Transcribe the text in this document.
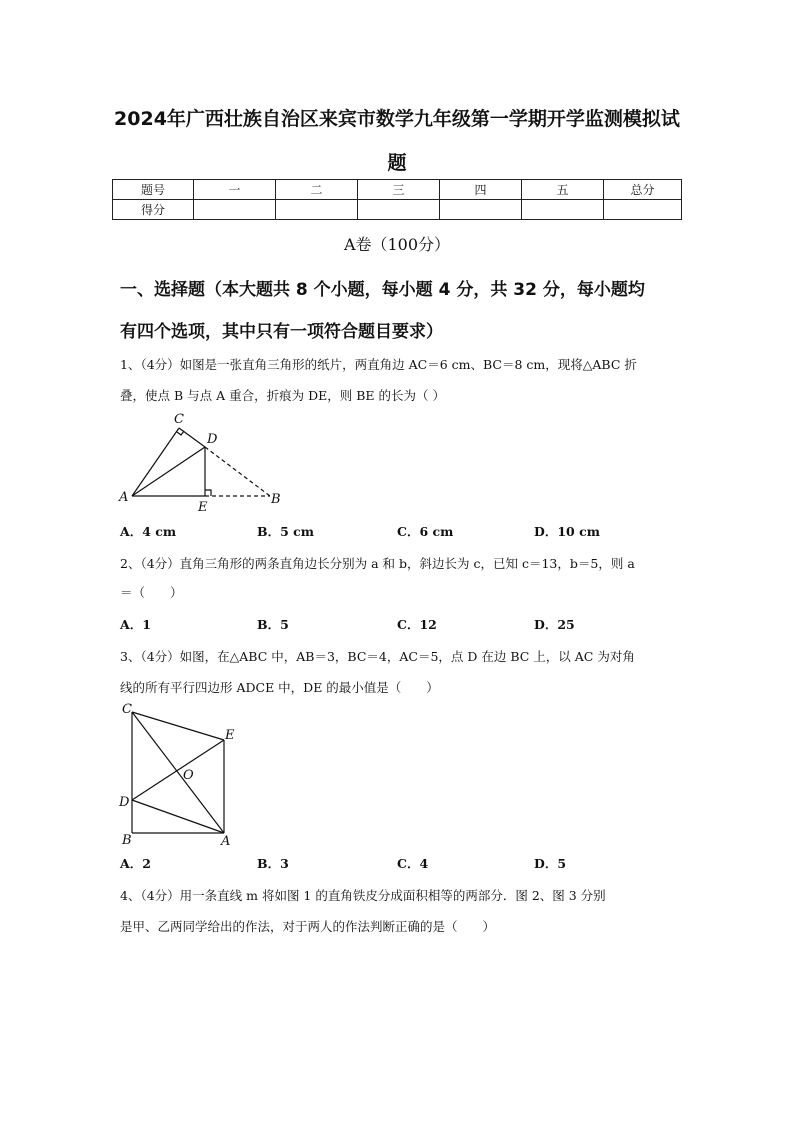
2024年广西壮族自治区来宾市数学九年级第一学期开学监测模拟试
题
题号	一	二	三	四	五	总分
得分						
A卷（100分）
一、选择题（本大题共 8 个小题，每小题 4 分，共 32 分，每小题均
有四个选项，其中只有一项符合题目要求）
1、（4分）如图是一张直角三角形的纸片，两直角边 AC＝6 cm、BC＝8 cm，现将△ABC 折
叠，使点 B 与点 A 重合，折痕为 DE，则 BE 的长为（ ）
C
D
A
E
B
A．4 cm	B．5 cm	C．6 cm	D．10 cm
2、（4分）直角三角形的两条直角边长分别为 a 和 b，斜边长为 c，已知 c＝13，b＝5，则 a
＝（　　）
A．1	B．5	C．12	D．25
3、（4分）如图，在△ABC 中，AB＝3，BC＝4，AC＝5，点 D 在边 BC 上，以 AC 为对角
线的所有平行四边形 ADCE 中，DE 的最小值是（　　）
C
E
O
D
B	A
A．2	B．3	C．4	D．5
4、（4分）用一条直线 m 将如图 1 的直角铁皮分成面积相等的两部分．图 2、图 3 分别
是甲、乙两同学给出的作法，对于两人的作法判断正确的是（　　）
